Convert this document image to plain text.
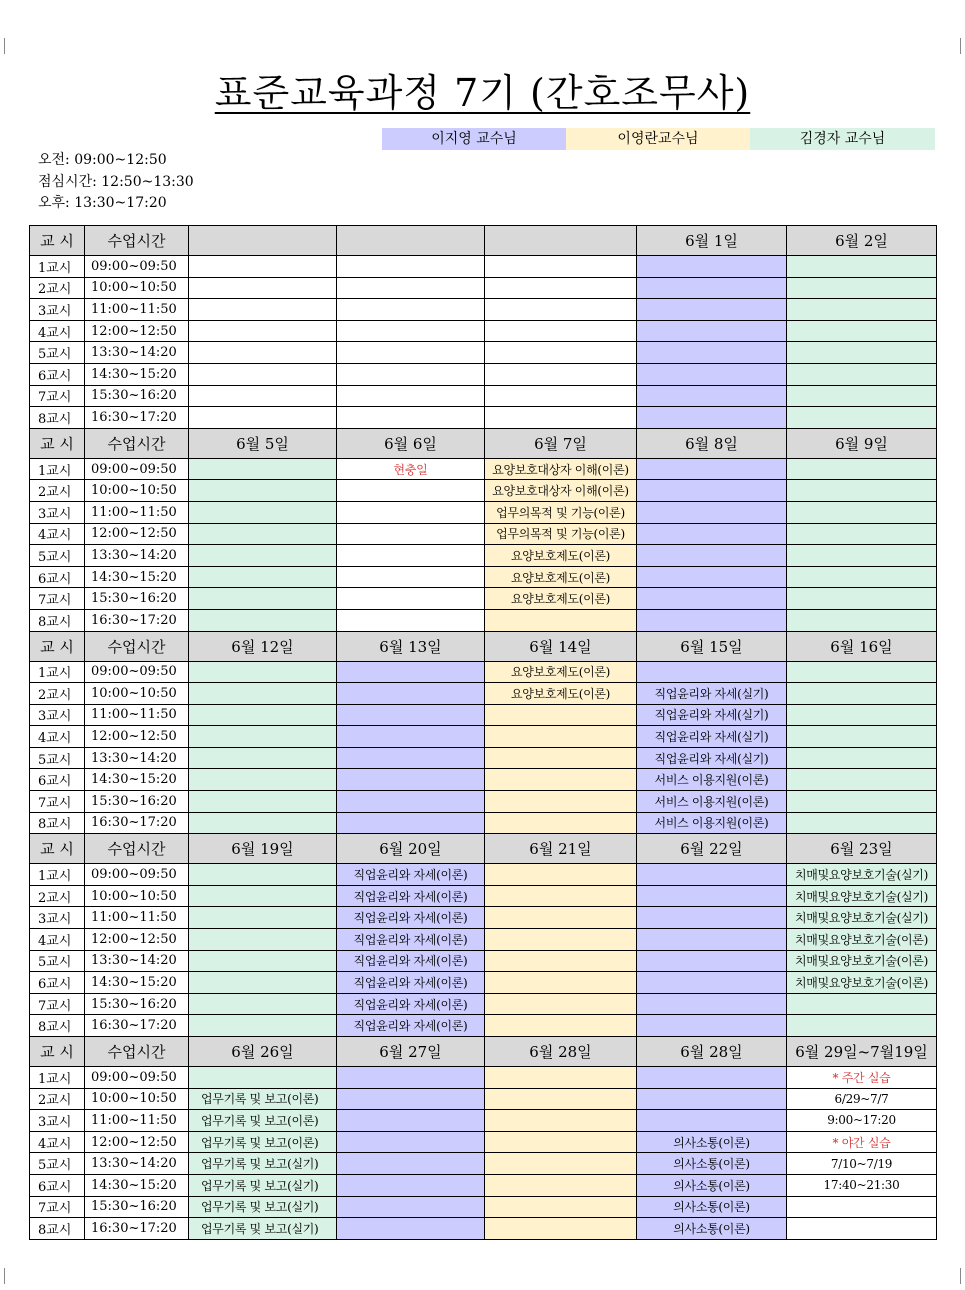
표준교육과정 7기 (간호조무사)
이지영 교수님	이영란교수님	김경자 교수님
오전: 09:00~12:50
점심시간: 12:50~13:30
오후: 13:30~17:20
교 시	수업시간				6월 1일	6월 2일
1교시	09:00~09:50					
2교시	10:00~10:50					
3교시	11:00~11:50					
4교시	12:00~12:50					
5교시	13:30~14:20					
6교시	14:30~15:20					
7교시	15:30~16:20					
8교시	16:30~17:20					
교 시	수업시간	6월 5일	6월 6일	6월 7일	6월 8일	6월 9일
1교시	09:00~09:50		현충일	요양보호대상자 이해(이론)		
2교시	10:00~10:50			요양보호대상자 이해(이론)		
3교시	11:00~11:50			업무의목적 및 기능(이론)		
4교시	12:00~12:50			업무의목적 및 기능(이론)		
5교시	13:30~14:20			요양보호제도(이론)		
6교시	14:30~15:20			요양보호제도(이론)		
7교시	15:30~16:20			요양보호제도(이론)		
8교시	16:30~17:20					
교 시	수업시간	6월 12일	6월 13일	6월 14일	6월 15일	6월 16일
1교시	09:00~09:50			요양보호제도(이론)		
2교시	10:00~10:50			요양보호제도(이론)	직업윤리와 자세(실기)	
3교시	11:00~11:50				직업윤리와 자세(실기)	
4교시	12:00~12:50				직업윤리와 자세(실기)	
5교시	13:30~14:20				직업윤리와 자세(실기)	
6교시	14:30~15:20				서비스 이용지원(이론)	
7교시	15:30~16:20				서비스 이용지원(이론)	
8교시	16:30~17:20				서비스 이용지원(이론)	
교 시	수업시간	6월 19일	6월 20일	6월 21일	6월 22일	6월 23일
1교시	09:00~09:50		직업윤리와 자세(이론)			치매및요양보호기술(실기)
2교시	10:00~10:50		직업윤리와 자세(이론)			치매및요양보호기술(실기)
3교시	11:00~11:50		직업윤리와 자세(이론)			치매및요양보호기술(실기)
4교시	12:00~12:50		직업윤리와 자세(이론)			치매및요양보호기술(이론)
5교시	13:30~14:20		직업윤리와 자세(이론)			치매및요양보호기술(이론)
6교시	14:30~15:20		직업윤리와 자세(이론)			치매및요양보호기술(이론)
7교시	15:30~16:20		직업윤리와 자세(이론)			
8교시	16:30~17:20		직업윤리와 자세(이론)			
교 시	수업시간	6월 26일	6월 27일	6월 28일	6월 28일	6월 29일~7월19일
1교시	09:00~09:50					* 주간 실습
2교시	10:00~10:50	업무기록 및 보고(이론)				6/29~7/7
3교시	11:00~11:50	업무기록 및 보고(이론)				9:00~17:20
4교시	12:00~12:50	업무기록 및 보고(이론)			의사소통(이론)	* 야간 실습
5교시	13:30~14:20	업무기록 및 보고(실기)			의사소통(이론)	7/10~7/19
6교시	14:30~15:20	업무기록 및 보고(실기)			의사소통(이론)	17:40~21:30
7교시	15:30~16:20	업무기록 및 보고(실기)			의사소통(이론)	
8교시	16:30~17:20	업무기록 및 보고(실기)			의사소통(이론)	
